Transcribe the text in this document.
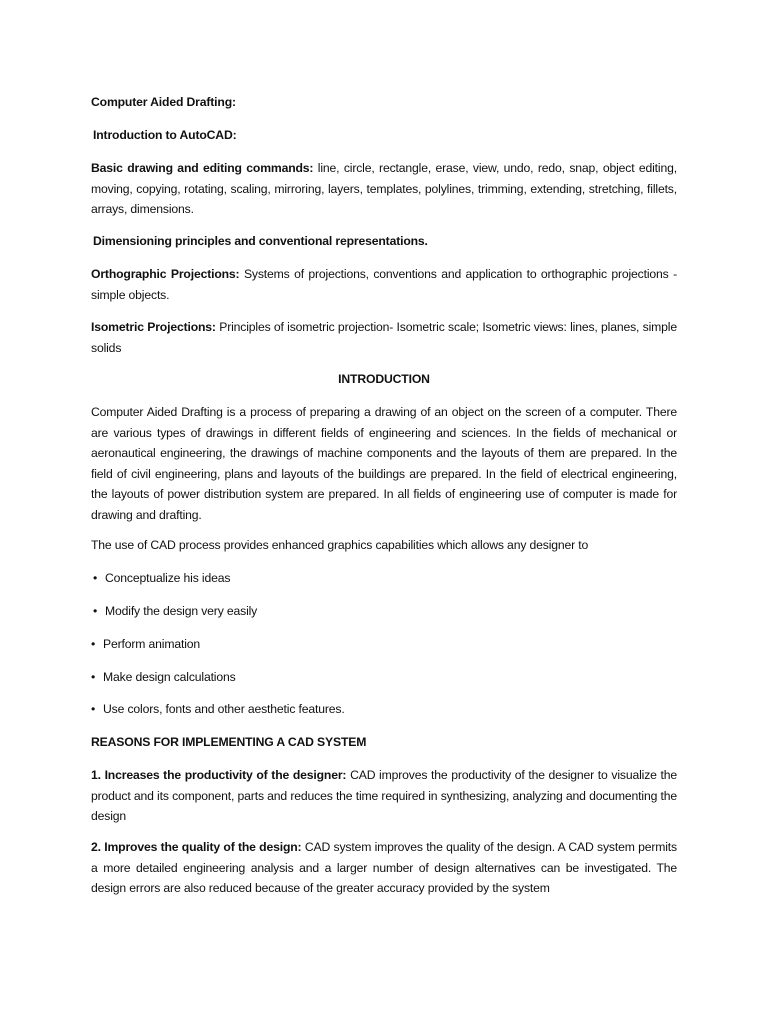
Computer Aided Drafting:

Introduction to AutoCAD:

Basic drawing and editing commands: line, circle, rectangle, erase, view, undo, redo, snap, object editing, moving, copying, rotating, scaling, mirroring, layers, templates, polylines, trimming, extending, stretching, fillets, arrays, dimensions.

Dimensioning principles and conventional representations.

Orthographic Projections: Systems of projections, conventions and application to orthographic projections - simple objects.

Isometric Projections: Principles of isometric projection- Isometric scale; Isometric views: lines, planes, simple solids

INTRODUCTION

Computer Aided Drafting is a process of preparing a drawing of an object on the screen of a computer. There are various types of drawings in different fields of engineering and sciences. In the fields of mechanical or aeronautical engineering, the drawings of machine components and the layouts of them are prepared. In the field of civil engineering, plans and layouts of the buildings are prepared. In the field of electrical engineering, the layouts of power distribution system are prepared. In all fields of engineering use of computer is made for drawing and drafting.

The use of CAD process provides enhanced graphics capabilities which allows any designer to

• Conceptualize his ideas

• Modify the design very easily

• Perform animation

• Make design calculations

• Use colors, fonts and other aesthetic features.

REASONS FOR IMPLEMENTING A CAD SYSTEM

1. Increases the productivity of the designer: CAD improves the productivity of the designer to visualize the product and its component, parts and reduces the time required in synthesizing, analyzing and documenting the design

2. Improves the quality of the design: CAD system improves the quality of the design. A CAD system permits a more detailed engineering analysis and a larger number of design alternatives can be investigated. The design errors are also reduced because of the greater accuracy provided by the system
